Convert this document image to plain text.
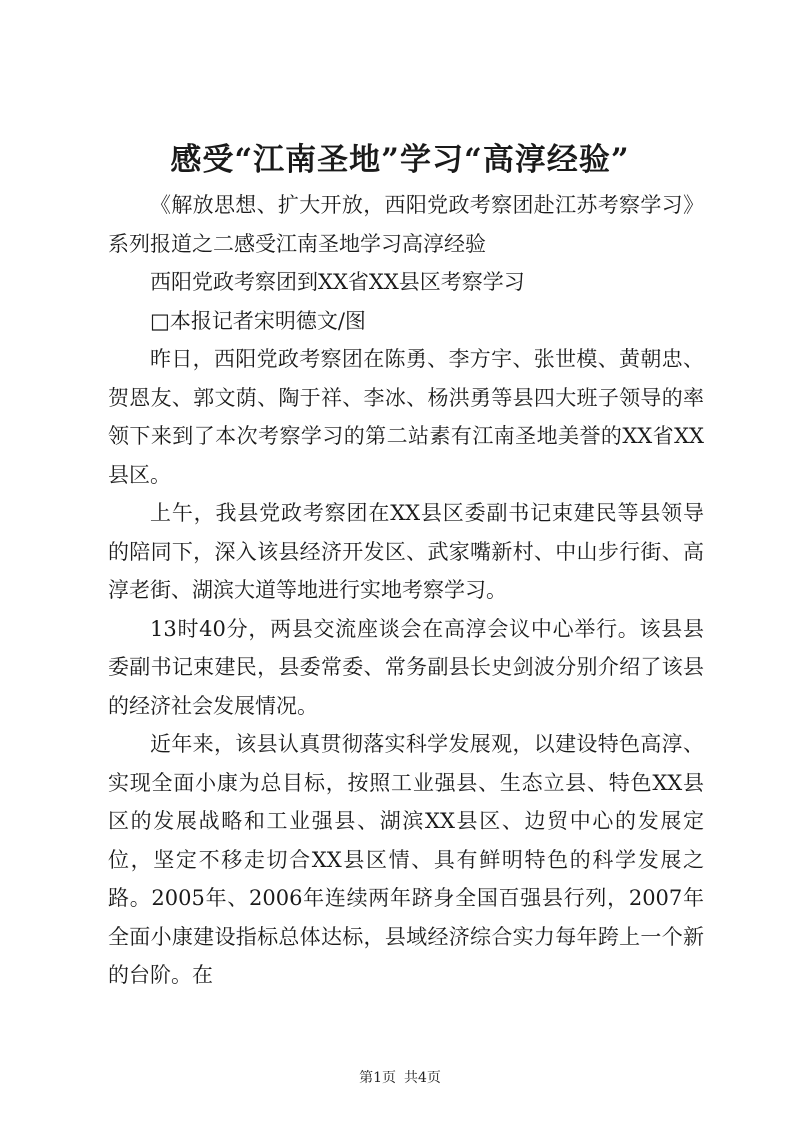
感受“江南圣地”学习“高淳经验”

《解放思想、扩大开放，西阳党政考察团赴江苏考察学习》系列报道之二感受江南圣地学习高淳经验

西阳党政考察团到XX省XX县区考察学习

□本报记者宋明德文/图

昨日，西阳党政考察团在陈勇、李方宇、张世模、黄朝忠、贺恩友、郭文荫、陶于祥、李冰、杨洪勇等县四大班子领导的率领下来到了本次考察学习的第二站素有江南圣地美誉的XX省XX县区。

上午，我县党政考察团在XX县区委副书记束建民等县领导的陪同下，深入该县经济开发区、武家嘴新村、中山步行街、高淳老街、湖滨大道等地进行实地考察学习。

13时40分，两县交流座谈会在高淳会议中心举行。该县县委副书记束建民，县委常委、常务副县长史剑波分别介绍了该县的经济社会发展情况。

近年来，该县认真贯彻落实科学发展观，以建设特色高淳、实现全面小康为总目标，按照工业强县、生态立县、特色XX县区的发展战略和工业强县、湖滨XX县区、边贸中心的发展定位，坚定不移走切合XX县区情、具有鲜明特色的科学发展之路。2005年、2006年连续两年跻身全国百强县行列，2007年全面小康建设指标总体达标，县域经济综合实力每年跨上一个新的台阶。在

第1页 共4页
